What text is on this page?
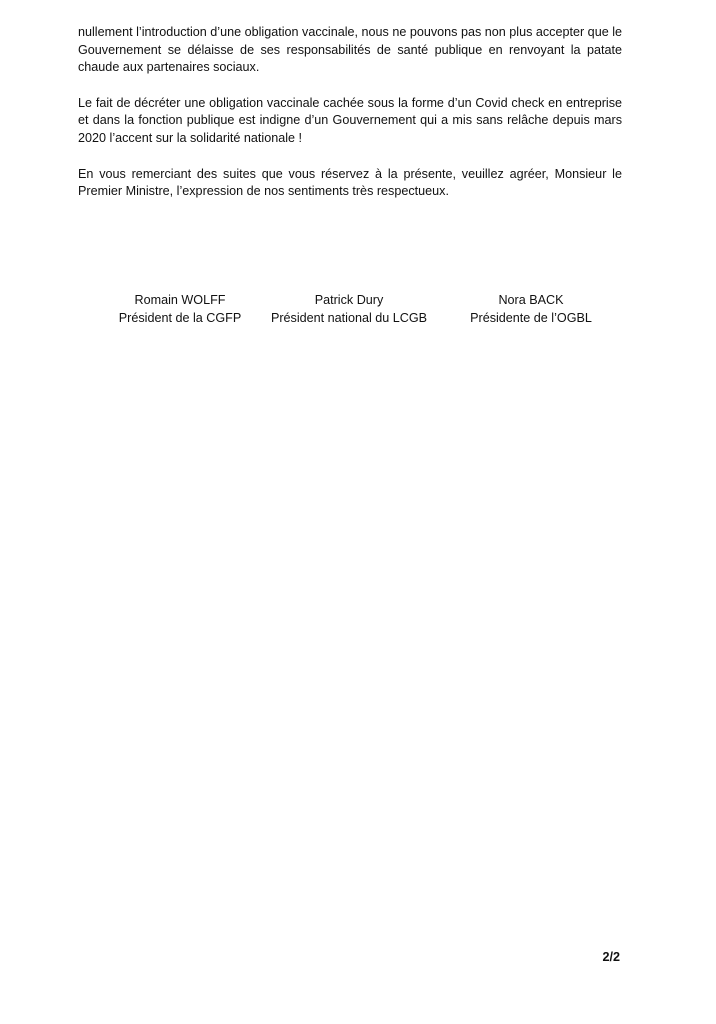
nullement l’introduction d’une obligation vaccinale, nous ne pouvons pas non plus accepter que le Gouvernement se délaisse de ses responsabilités de santé publique en renvoyant la patate chaude aux partenaires sociaux.

Le fait de décréter une obligation vaccinale cachée sous la forme d’un Covid check en entreprise et dans la fonction publique est indigne d’un Gouvernement qui a mis sans relâche depuis mars 2020 l’accent sur la solidarité nationale !

En vous remerciant des suites que vous réservez à la présente, veuillez agréer, Monsieur le Premier Ministre, l’expression de nos sentiments très respectueux.

Romain WOLFF
Président de la CGFP
Patrick Dury
Président national du LCGB
Nora BACK
Présidente de l’OGBL
2/2
